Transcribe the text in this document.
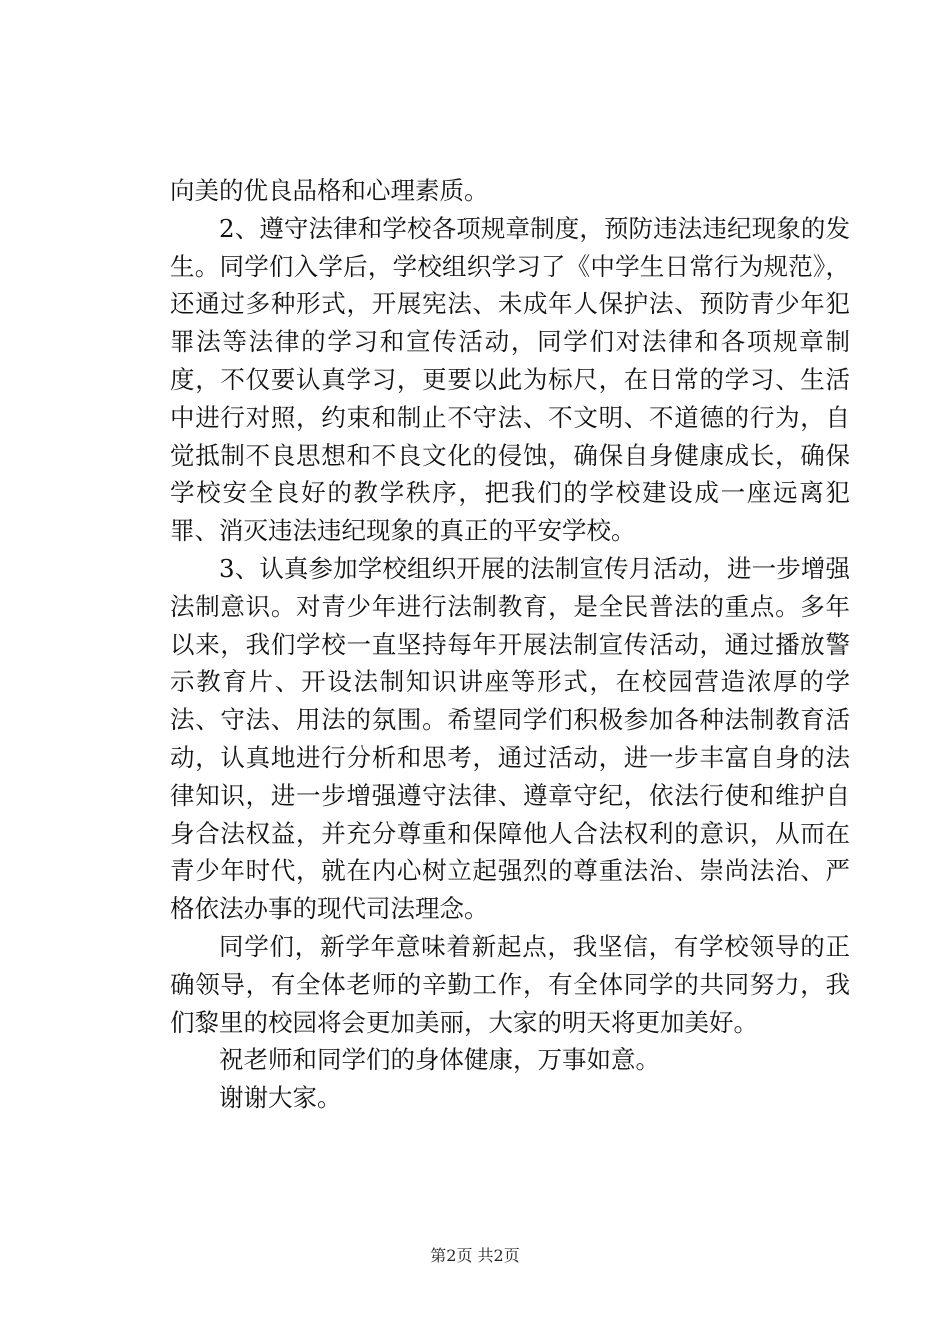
向美的优良品格和心理素质。

2、遵守法律和学校各项规章制度，预防违法违纪现象的发生。同学们入学后，学校组织学习了《中学生日常行为规范》，还通过多种形式，开展宪法、未成年人保护法、预防青少年犯罪法等法律的学习和宣传活动，同学们对法律和各项规章制度，不仅要认真学习，更要以此为标尺，在日常的学习、生活中进行对照，约束和制止不守法、不文明、不道德的行为，自觉抵制不良思想和不良文化的侵蚀，确保自身健康成长，确保学校安全良好的教学秩序，把我们的学校建设成一座远离犯罪、消灭违法违纪现象的真正的平安学校。

3、认真参加学校组织开展的法制宣传月活动，进一步增强法制意识。对青少年进行法制教育，是全民普法的重点。多年以来，我们学校一直坚持每年开展法制宣传活动，通过播放警示教育片、开设法制知识讲座等形式，在校园营造浓厚的学法、守法、用法的氛围。希望同学们积极参加各种法制教育活动，认真地进行分析和思考，通过活动，进一步丰富自身的法律知识，进一步增强遵守法律、遵章守纪，依法行使和维护自身合法权益，并充分尊重和保障他人合法权利的意识，从而在青少年时代，就在内心树立起强烈的尊重法治、崇尚法治、严格依法办事的现代司法理念。

同学们，新学年意味着新起点，我坚信，有学校领导的正确领导，有全体老师的辛勤工作，有全体同学的共同努力，我们黎里的校园将会更加美丽，大家的明天将更加美好。

祝老师和同学们的身体健康，万事如意。

谢谢大家。

第2页 共2页
